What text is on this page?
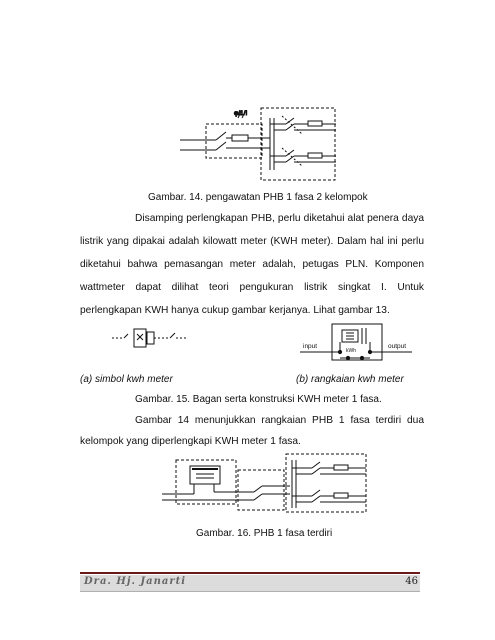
φ/1/I
Gambar. 14. pengawatan PHB 1 fasa 2 kelompok
Disamping perlengkapan PHB, perlu diketahui alat penera daya
listrik yang dipakai adalah kilowatt meter (KWH meter). Dalam hal ini perlu
diketahui bahwa pemasangan meter adalah, petugas PLN. Komponen
wattmeter dapat dilihat teori pengukuran listrik singkat I. Untuk
perlengkapan KWH hanya cukup gambar kerjanya. Lihat gambar 13.
input	output
kWh
(a) simbol kwh meter	(b) rangkaian kwh meter
Gambar. 15. Bagan serta konstruksi KWH meter 1 fasa.
Gambar 14 menunjukkan rangkaian PHB 1 fasa terdiri dua
kelompok yang diperlengkapi KWH meter 1 fasa.
Gambar. 16. PHB 1 fasa terdiri
Dra. Hj. Janarti	46
